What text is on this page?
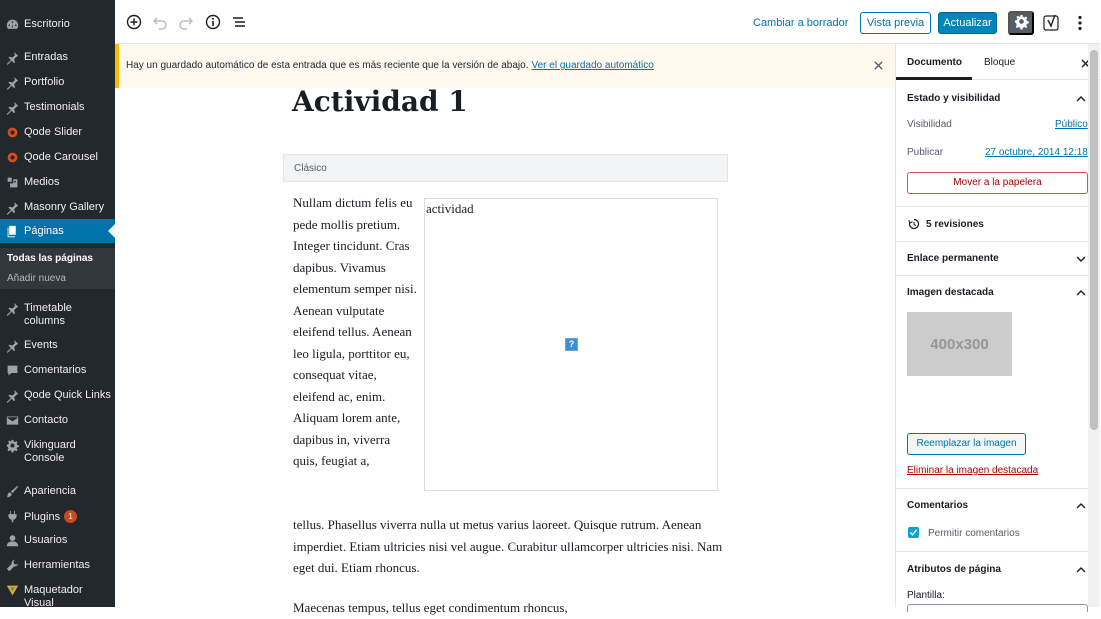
Escritorio
Entradas
Portfolio
Testimonials
Qode Slider
Qode Carousel
Medios
Masonry Gallery
Páginas
Todas las páginas
Añadir nueva
Timetable columns
Events
Comentarios
Qode Quick Links
Contacto
Vikinguard Console
Apariencia
Plugins 1
Usuarios
Herramientas
Maquetador Visual
Cambiar a borrador	Vista previa	Actualizar
Hay un guardado automático de esta entrada que es más reciente que la versión de abajo. Ver el guardado automático
Actividad 1
Clásico
Nullam dictum felis eu pede mollis pretium. Integer tincidunt. Cras dapibus. Vivamus elementum semper nisi. Aenean vulputate eleifend tellus. Aenean leo ligula, porttitor eu, consequat vitae, eleifend ac, enim. Aliquam lorem ante, dapibus in, viverra quis, feugiat a,
actividad
?
tellus. Phasellus viverra nulla ut metus varius laoreet. Quisque rutrum. Aenean imperdiet. Etiam ultricies nisi vel augue. Curabitur ullamcorper ultricies nisi. Nam eget dui. Etiam rhoncus.
Maecenas tempus, tellus eget condimentum rhoncus,
Documento Bloque
Estado y visibilidad
Visibilidad	Público
Publicar	27 octubre, 2014 12:18
Mover a la papelera
5 revisiones
Enlace permanente
Imagen destacada
400x300
Reemplazar la imagen
Eliminar la imagen destacada
Comentarios
Permitir comentarios
Atributos de página
Plantilla:
